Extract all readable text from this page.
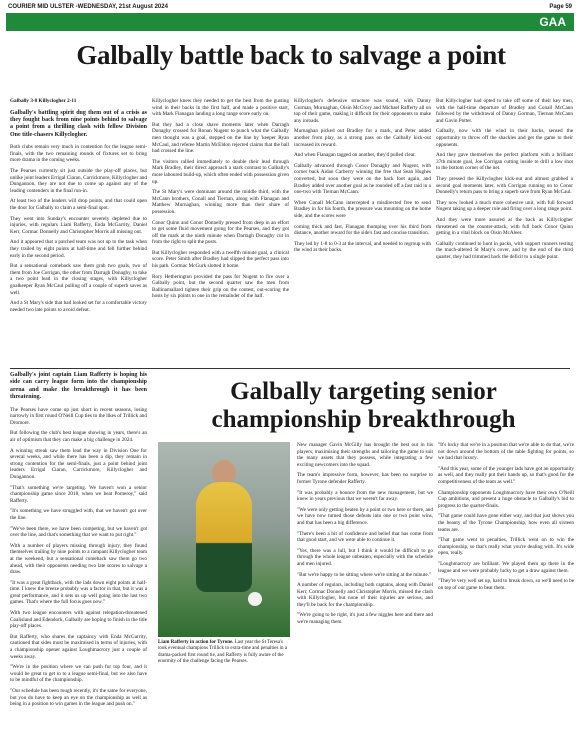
COURIER MID ULSTER -WEDNESDAY, 21st August 2024	Page 59
GAA
Galbally battle back to salvage a point

Galbally 3-8 Killyclogher 2-11

Galbally's battling spirit dug them out of a crisis as they fought back from nine points behind to salvage a point from a thrilling clash with fellow Division One title-chasers Killyclogher.

Both clubs remain very much in contention for the league semi-finals, with the two remaining rounds of fixtures set to bring more drama in the coming weeks.

The Pearses currently sit just outside the play-off places, but unlike joint leaders Errigal Ciaran, Carrickmore, Killyclogher and Dungannon, they are not due to come up against any of the leading contenders in the final run-in.

At least two of the leaders will drop points, and that could open the door for Galbally to claim a semi-final spot.

They went into Sunday's encounter severely depleted due to injuries, with regulars Liam Rafferty, Enda McGarrity, Daniel Kerr, Cormac Donnelly and Christopher Morris all missing out.

And it appeared that a patched team was not up to the task when they trailed by eight points at half-time and fell further behind early in the second period.

But a sensational comeback saw them grab two goals, two of them from Joe Corrigan, the other from Darragh Donaghy, to take a two point lead in the closing stages, with Killyclogher goalkeeper Ryan McCaul pulling off a couple of superb saves as well.

And a St Mary's side that had looked set for a comfortable victory needed two late points to avoid defeat.

Killyclogher knew they needed to get the best from the gusting wind in their backs in the first half, and made a positive start, with Mark Flanagan landing a long range score early on.

But they had a close shave moments later when Darragh Donaghy crossed for Ronan Nugent to punch what the Galbally men thought was a goal, stepped on the line by 'keeper Ryan McCaul, and referee Martin McEldon rejected claims that the ball had crossed the line.

The visitors rallied immediately to double their lead through Mark Bradley, their direct approach a stark contrast to Galbally's more laboured build-up, which often ended with possession given up.

The St Mary's were dominant around the middle third, with the McCann brothers, Conall and Tiernan, along with Flanagan and Matthew Murnaghan, winning more than their share of possession.

Conor Quinn and Conor Donnelly pressed from deep in an effort to get some fluid movement going for the Pearses, and they got off the mark at the ninth minute when Darragh Donaghy cut in from the right to split the posts.

But Killyclogher responded with a twelfth minute goal, a clinical score. Peter Smith after Bradley had slipped the perfect pass into his path. Cormac McGurk slotted it home.

Rory Hetherington provided the pass for Nugent to fire over a Galbally point, but the second quarter saw the men from Ballinamallard tighten their grip on the contest, out-scoring the hosts by six points to one in the remainder of the half.

Killyclogher's defensive structure was sound, with Danny Gorman, Murnaghan, Oisin McCrory and Michael Rafferty all on top of their game, making it difficult for their opponents to make any inroads.

Murnaghan picked out Bradley for a mark, and Peter added another from play, as a strong pass on the Galbally kick-out increased its reward.

And when Flanagan tagged on another, they'd pulled clear.

Galbally advanced through Conor Donaghy and Nugent, with corner back Aidan Carberry winning the free that Sean Hughes converted, but soon they were on the back foot again, and Bradley added over another goal as he rounded off a fast raid in a one-two with Tiernan McCann.

When Conall McCann intercepted a misdirected free to send Bradley in for his fourth, the pressure was mounting on the home side, and the scores were

coming thick and fast, Flanagan thumping over his third from distance, another reward for the side's fast and concise transition.

They led by 1-8 to 0-3 at the interval, and needed to regroup with the wind at their backs.

But Killyclogher had opted to take off some of their key men, with the half-time departure of Bradley and Conall McCann followed by the withdrawal of Danny Gorman, Tiernan McCann and Gavin Potter.

Galbally, now with the wind in their backs, sensed the opportunity to throw off the shackles and get the game to their opponents.

And they gave themselves the perfect platform with a brilliant 37th minute goal, Joe Corrigan cutting inside to drill a low shot to the bottom corner of the net.

They pressed the Killyclogher kick-out and almost grabbed a second goal moments later, with Corrigan running on to Conor Donnelly's return pass to bring a superb save from Ryan McCaul.

They now looked a much more cohesive unit, with full forward Nugent taking up a deeper role and firing over a long range point.

And they were more assured at the back as Killyclogher threatened on the counter-attack, with full back Conor Quinn getting in a vital block on Oisin McAleer.

Galbally continued to hunt in packs, with support runners testing the much-altered St Mary's cover, and by the end of the third quarter, they had trimmed back the deficit to a single point.

Galbally's joint captain Liam Rafferty is hoping his side can carry league form into the championship arena and make the breakthrough it has been threatening.

The Pearses have come up just short in recent seasons, losing narrowly in first round O'Neill Cup ties to the likes of Trillick and Dromore.

But following the club's best league showing in years, there's an air of optimism that they can make a big challenge in 2024.

A winning streak saw them lead the way in Division One for several weeks, and while there has been a dip, they remain in strong contention for the semi-finals, just a point behind joint leaders Errigal Ciaran, Carrickmore, Killyclogher and Dungannon.

"That's something we're targeting. We haven't won a senior championship game since 2018, when we beat Pomeroy," said Rafferty.

"It's something we have struggled with, that we haven't got over the line.

"We've been there, we have been competing, but we haven't got over the line, and that's something that we want to put right."

With a number of players missing through injury, they found themselves trailing by nine points to a rampant Killyclogher team at the weekend, but a sensational comeback saw them go two ahead, with their opponents needing two late scores to salvage a draw.

"It was a great fightback, with the lads down eight points at half-time. I knew the breeze probably was a factor in that, but it was a great performance, and it sets us up well going into the last two games. That's where the full focus goes now."

With two league encounters with against relegation-threatened Coalisland and Edendork, Galbally are hoping to finish in the title play-off places.

But Rafferty, who shares the captaincy with Enda McGarrity, cautioned that sides must be maximised in terms of injuries, with a championship opener against Loughmacrory just a couple of weeks away.

"We're in the position where we can push for top four, and it would be great to get in to a league semi-final, but we also have to be mindful of the championship.

"Our schedule has been tough recently, it's the same for everyone, but you do have to keep an eye on the championship as well as being in a position to win games in the league and push on."

Galbally targeting senior championship breakthrough
Liam Rafferty in action for Tyrone. Last year the St Teresa's took eventual champions Trillick to extra-time and penalties in a drama-packed first round tie, and Rafferty is fully aware of the enormity of the challenge facing the Pearses.

New manager Gavin McGilly has brought the best out in his players, maximising their strengths and tailoring the game to suit the many assets that they possess, while integrating a few exciting newcomers into the squad.

The team's impressive form, however, has been no surprise to former Tyrone defender Rafferty.

"It was probably a bounce from the new management, but we knew in years previous that we weren't far away.

"We were only getting beaten by a point or two here or there, and we have now turned those defeats into one or two point wins, and that has been a big difference.

"There's been a bit of confidence and belief that has come from that good start, and we were able to continue it.

"Yes, there was a lull, but I think it would be difficult to go through the whole league unbeaten, especially with the schedule and men injured.

"But we're happy to be sitting where we're sitting at the minute."

A number of regulars, including both captains, along with Daniel Kerr, Cormac Donnelly and Christopher Morris, missed the clash with Killyclogher, but none of their injuries are serious, and they'll be back for the championship.

"We're going to be right, it's just a few niggles here and there and we're managing them.

"It's lucky that we're in a position that we're able to do that, we're not down around the bottom of the table fighting for points, so we had that luxury.

"And this year, some of the younger lads have got an opportunity as well, and they really put their hands up, so that's good for the competitiveness of the team as well."

Championship opponents Loughmacrory have their own O'Neill Cup ambitions, and present a huge obstacle to Galbally's bid to progress to the quarter-finals.

"That game could have gone either way, and that just shows you the beauty of the Tyrone Championship, how even all sixteen teams are.

"That game went to penalties, Trillick went on to win the championship, so that's really what you're dealing with. It's wide open, really.

"Loughmacrory are brilliant. We played them up there in the league and we were probably lucky to get a draw against them.

"They're very well set up, hard to break down, so we'll need to be on top of our game to beat them.
